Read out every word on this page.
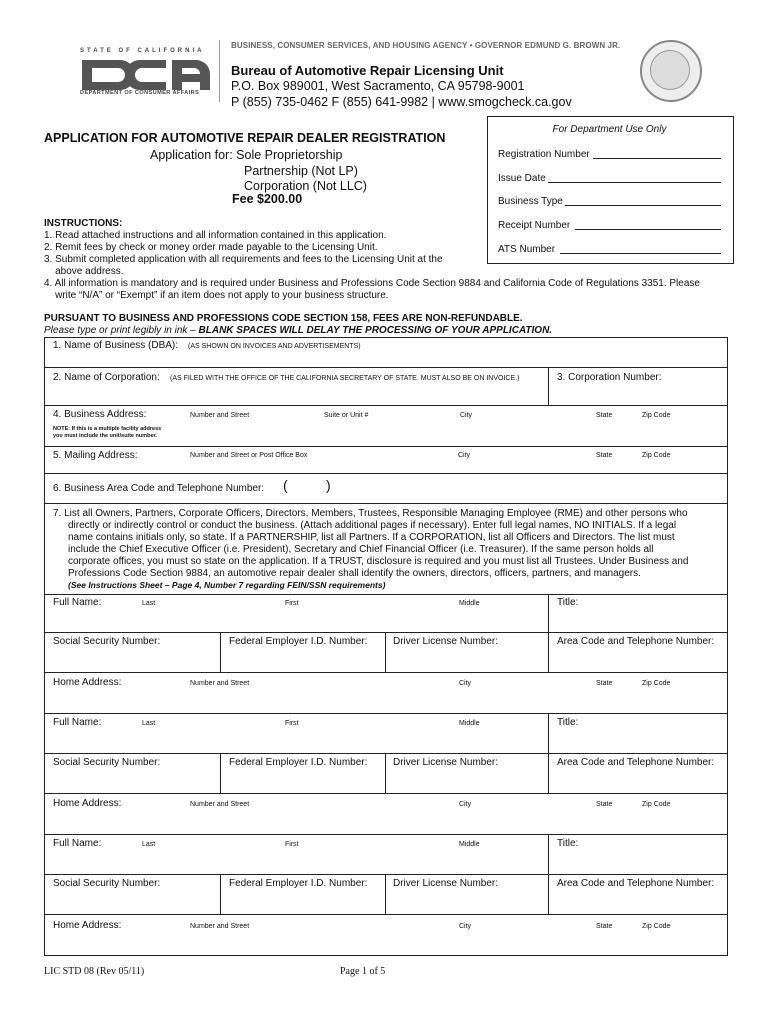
BUSINESS, CONSUMER SERVICES, AND HOUSING AGENCY • GOVERNOR EDMUND G. BROWN JR.
STATE OF CALIFORNIA
DEPARTMENT OF CONSUMER AFFAIRS
Bureau of Automotive Repair Licensing Unit
P.O. Box 989001, West Sacramento, CA 95798-9001
P (855) 735-0462 F (855) 641-9982 | www.smogcheck.ca.gov
For Department Use Only
Registration Number
Issue Date
Business Type
Receipt Number
ATS Number
APPLICATION FOR AUTOMOTIVE REPAIR DEALER REGISTRATION
Application for: Sole Proprietorship
Partnership (Not LP)
Corporation (Not LLC)
Fee $200.00
INSTRUCTIONS:
1. Read attached instructions and all information contained in this application.
2. Remit fees by check or money order made payable to the Licensing Unit.
3. Submit completed application with all requirements and fees to the Licensing Unit at the
above address.
4. All information is mandatory and is required under Business and Professions Code Section 9884 and California Code of Regulations 3351. Please
write “N/A” or “Exempt” if an item does not apply to your business structure.
PURSUANT TO BUSINESS AND PROFESSIONS CODE SECTION 158, FEES ARE NON-REFUNDABLE.
Please type or print legibly in ink – BLANK SPACES WILL DELAY THE PROCESSING OF YOUR APPLICATION.
1. Name of Business (DBA): (AS SHOWN ON INVOICES AND ADVERTISEMENTS)
2. Name of Corporation: (AS FILED WITH THE OFFICE OF THE CALIFORNIA SECRETARY OF STATE. MUST ALSO BE ON INVOICE.)	3. Corporation Number:
4. Business Address:	Number and Street	Suite or Unit #	City	State	Zip Code
NOTE: If this is a multiple facility address
you must include the unit/suite number.
5. Mailing Address:	Number and Street or Post Office Box	City	State	Zip Code
6. Business Area Code and Telephone Number: (	)
7. List all Owners, Partners, Corporate Officers, Directors, Members, Trustees, Responsible Managing Employee (RME) and other persons who
directly or indirectly control or conduct the business. (Attach additional pages if necessary). Enter full legal names, NO INITIALS. If a legal
name contains initials only, so state. If a PARTNERSHIP, list all Partners. If a CORPORATION, list all Officers and Directors. The list must
include the Chief Executive Officer (i.e. President), Secretary and Chief Financial Officer (i.e. Treasurer). If the same person holds all
corporate offices, you must so state on the application. If a TRUST, disclosure is required and you must list all Trustees. Under Business and
Professions Code Section 9884, an automotive repair dealer shall identify the owners, directors, officers, partners, and managers.
(See Instructions Sheet – Page 4, Number 7 regarding FEIN/SSN requirements)
Full Name:	Last	First	Middle	Title:
Social Security Number:	Federal Employer I.D. Number:	Driver License Number:	Area Code and Telephone Number:
Home Address:	Number and Street	City	State	Zip Code
Full Name:	Last	First	Middle	Title:
Social Security Number:	Federal Employer I.D. Number:	Driver License Number:	Area Code and Telephone Number:
Home Address:	Number and Street	City	State	Zip Code
Full Name:	Last	First	Middle	Title:
Social Security Number:	Federal Employer I.D. Number:	Driver License Number:	Area Code and Telephone Number:
Home Address:	Number and Street	City	State	Zip Code
LIC STD 08 (Rev 05/11)	Page 1 of 5
